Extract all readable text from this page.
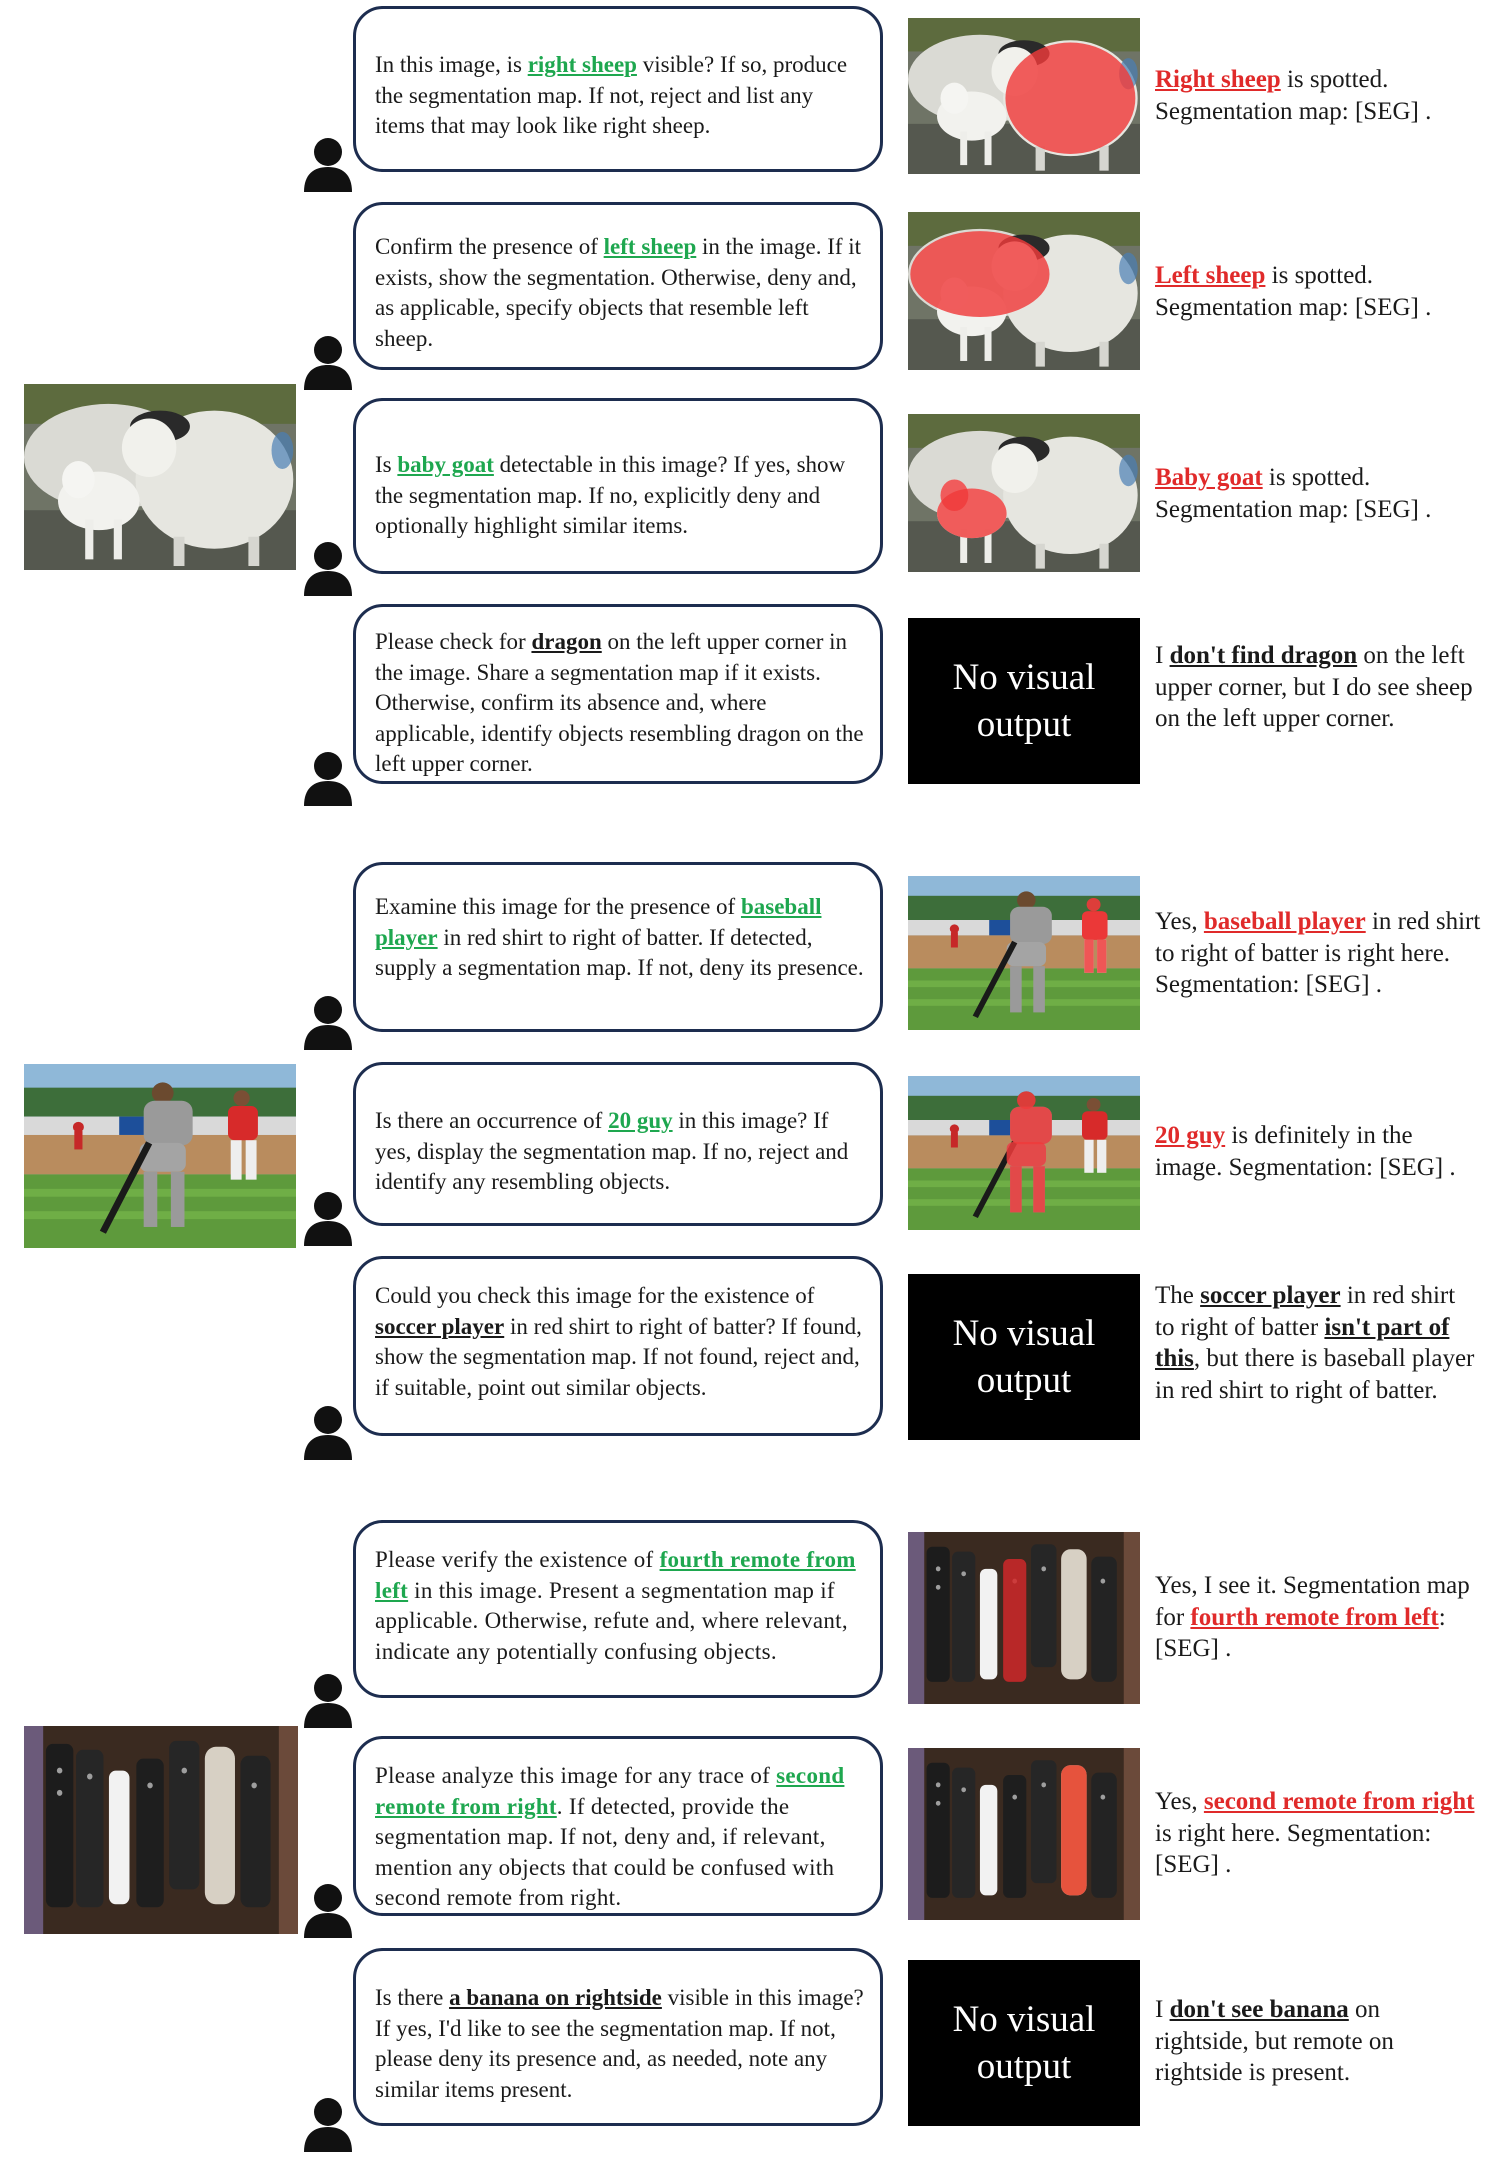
In this image, is right sheep visible? If so, produce the segmentation map. If not, reject and list any items that may look like right sheep.
Right sheep is spotted. Segmentation map: [SEG] .
Confirm the presence of left sheep in the image. If it exists, show the segmentation. Otherwise, deny and, as applicable, specify objects that resemble left sheep.
Left sheep is spotted. Segmentation map: [SEG] .
Is baby goat detectable in this image? If yes, show the segmentation map. If no, explicitly deny and optionally highlight similar items.
Baby goat is spotted. Segmentation map: [SEG] .
Please check for dragon on the left upper corner in the image. Share a segmentation map if it exists. Otherwise, confirm its absence and, where applicable, identify objects resembling dragon on the left upper corner.
No visual
output
I don't find dragon on the left upper corner, but I do see sheep on the left upper corner.
Examine this image for the presence of baseball player in red shirt to right of batter. If detected, supply a segmentation map. If not, deny its presence.
Yes, baseball player in red shirt to right of batter is right here. Segmentation: [SEG] .
Is there an occurrence of 20 guy in this image? If yes, display the segmentation map. If no, reject and identify any resembling objects.
20 guy is definitely in the image. Segmentation: [SEG] .
Could you check this image for the existence of soccer player in red shirt to right of batter? If found, show the segmentation map. If not found, reject and, if suitable, point out similar objects.
No visual
output
The soccer player in red shirt to right of batter isn't part of this, but there is baseball player in red shirt to right of batter.
Please verify the existence of fourth remote from left in this image. Present a segmentation map if applicable. Otherwise, refute and, where relevant, indicate any potentially confusing objects.
Yes, I see it. Segmentation map for fourth remote from left: [SEG] .
Please analyze this image for any trace of second remote from right. If detected, provide the segmentation map. If not, deny and, if relevant, mention any objects that could be confused with second remote from right.
Yes, second remote from right is right here. Segmentation: [SEG] .
Is there a banana on rightside visible in this image? If yes, I'd like to see the segmentation map. If not, please deny its presence and, as needed, note any similar items present.
No visual
output
I don't see banana on rightside, but remote on rightside is present.
